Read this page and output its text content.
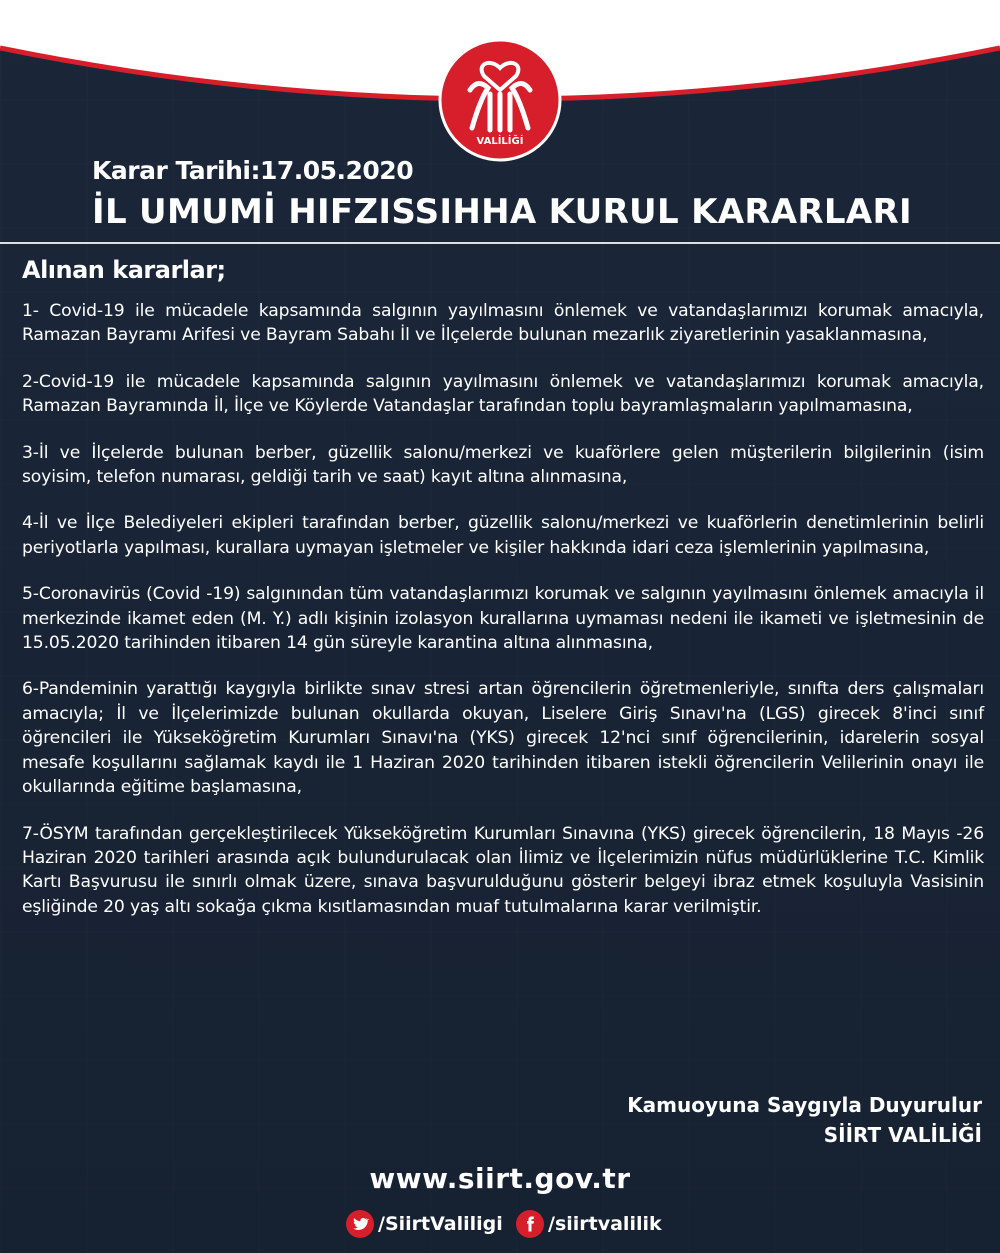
VALİLİĞİ
Karar Tarihi:17.05.2020
İL UMUMİ HIFZISSIHHA KURUL KARARLARI
Alınan kararlar;

1- Covid-19 ile mücadele kapsamında salgının yayılmasını önlemek ve vatandaşlarımızı korumak amacıyla, Ramazan Bayramı Arifesi ve Bayram Sabahı İl ve İlçelerde bulunan mezarlık ziyaretlerinin yasaklanmasına,

2-Covid-19 ile mücadele kapsamında salgının yayılmasını önlemek ve vatandaşlarımızı korumak amacıyla, Ramazan Bayramında İl, İlçe ve Köylerde Vatandaşlar tarafından toplu bayramlaşmaların yapılmamasına,

3-İl ve İlçelerde bulunan berber, güzellik salonu/merkezi ve kuaförlere gelen müşterilerin bilgilerinin (isim soyisim, telefon numarası, geldiği tarih ve saat) kayıt altına alınmasına,

4-İl ve İlçe Belediyeleri ekipleri tarafından berber, güzellik salonu/merkezi ve kuaförlerin denetimlerinin belirli periyotlarla yapılması, kurallara uymayan işletmeler ve kişiler hakkında idari ceza işlemlerinin yapılmasına,

5-Coronavirüs (Covid -19) salgınından tüm vatandaşlarımızı korumak ve salgının yayılmasını önlemek amacıyla il merkezinde ikamet eden (M. Y.) adlı kişinin izolasyon kurallarına uymaması nedeni ile ikameti ve işletmesinin de 15.05.2020 tarihinden itibaren 14 gün süreyle karantina altına alınmasına,

6-Pandeminin yarattığı kaygıyla birlikte sınav stresi artan öğrencilerin öğretmenleriyle, sınıfta ders çalışmaları amacıyla; İl ve İlçelerimizde bulunan okullarda okuyan, Liselere Giriş Sınavı'na (LGS) girecek 8'inci sınıf öğrencileri ile Yükseköğretim Kurumları Sınavı'na (YKS) girecek 12'nci sınıf öğrencilerinin, idarelerin sosyal mesafe koşullarını sağlamak kaydı ile 1 Haziran 2020 tarihinden itibaren istekli öğrencilerin Velilerinin onayı ile okullarında eğitime başlamasına,

7-ÖSYM tarafından gerçekleştirilecek Yükseköğretim Kurumları Sınavına (YKS) girecek öğrencilerin, 18 Mayıs -26 Haziran 2020 tarihleri arasında açık bulundurulacak olan İlimiz ve İlçelerimizin nüfus müdürlüklerine T.C. Kimlik Kartı Başvurusu ile sınırlı olmak üzere, sınava başvurulduğunu gösterir belgeyi ibraz etmek koşuluyla Vasisinin eşliğinde 20 yaş altı sokağa çıkma kısıtlamasından muaf tutulmalarına karar verilmiştir.

Kamuoyuna Saygıyla Duyurulur
SİİRT VALİLİĞİ
www.siirt.gov.tr
/SiirtValiligi /siirtvalilik
